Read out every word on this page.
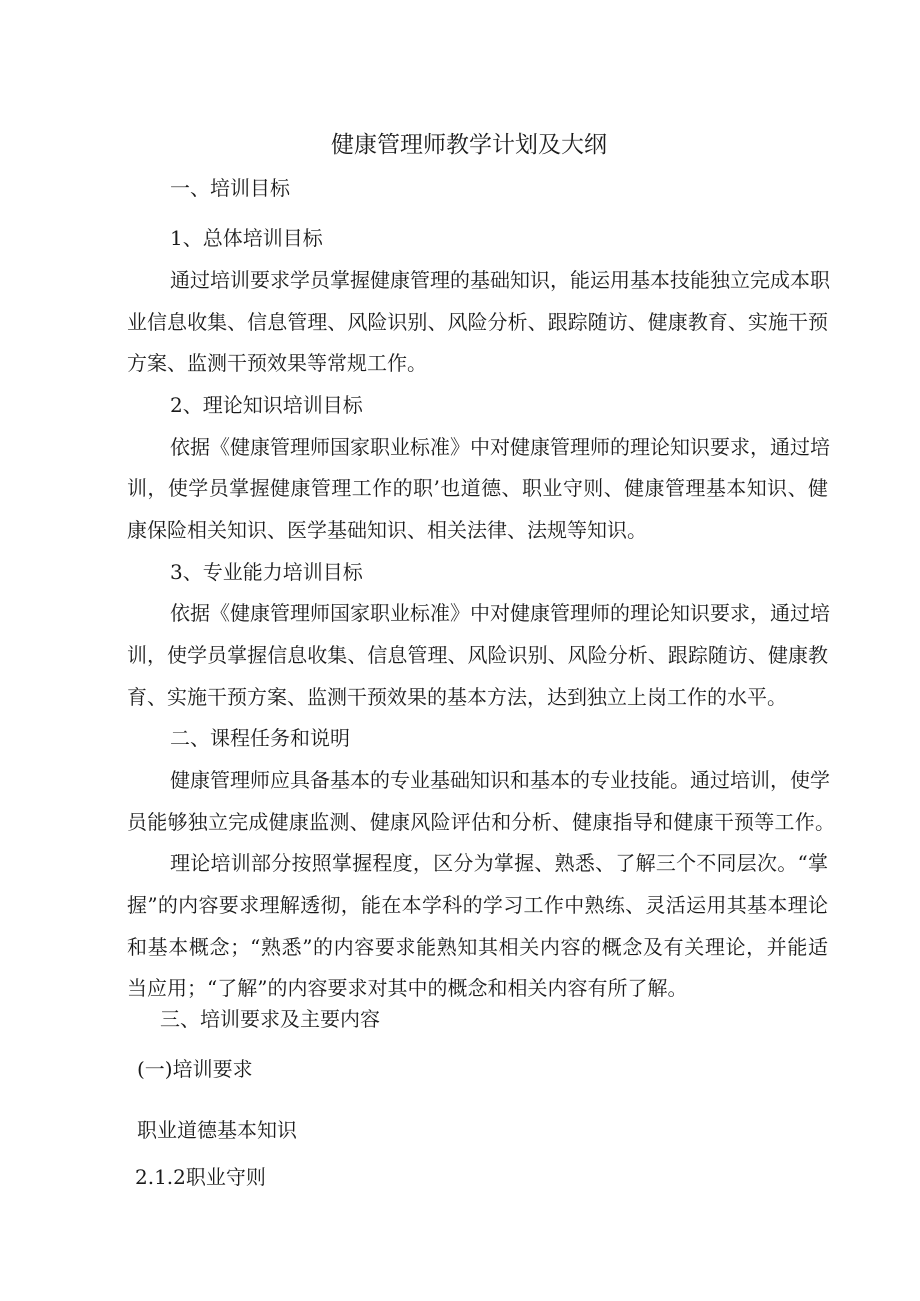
健康管理师教学计划及大纲
一、培训目标
1、总体培训目标
通过培训要求学员掌握健康管理的基础知识，能运用基本技能独立完成本职
业信息收集、信息管理、风险识别、风险分析、跟踪随访、健康教育、实施干预
方案、监测干预效果等常规工作。
2、理论知识培训目标
依据《健康管理师国家职业标准》中对健康管理师的理论知识要求，通过培
训，使学员掌握健康管理工作的职’也道德、职业守则、健康管理基本知识、健
康保险相关知识、医学基础知识、相关法律、法规等知识。
3、专业能力培训目标
依据《健康管理师国家职业标准》中对健康管理师的理论知识要求，通过培
训，使学员掌握信息收集、信息管理、风险识别、风险分析、跟踪随访、健康教
育、实施干预方案、监测干预效果的基本方法，达到独立上岗工作的水平。
二、课程任务和说明
健康管理师应具备基本的专业基础知识和基本的专业技能。通过培训，使学
员能够独立完成健康监测、健康风险评估和分析、健康指导和健康干预等工作。
理论培训部分按照掌握程度，区分为掌握、熟悉、了解三个不同层次。“掌
握”的内容要求理解透彻，能在本学科的学习工作中熟练、灵活运用其基本理论
和基本概念；“熟悉”的内容要求能熟知其相关内容的概念及有关理论，并能适
当应用；“了解”的内容要求对其中的概念和相关内容有所了解。
三、培训要求及主要内容
(一)培训要求
职业道德基本知识
2.1.2职业守则
